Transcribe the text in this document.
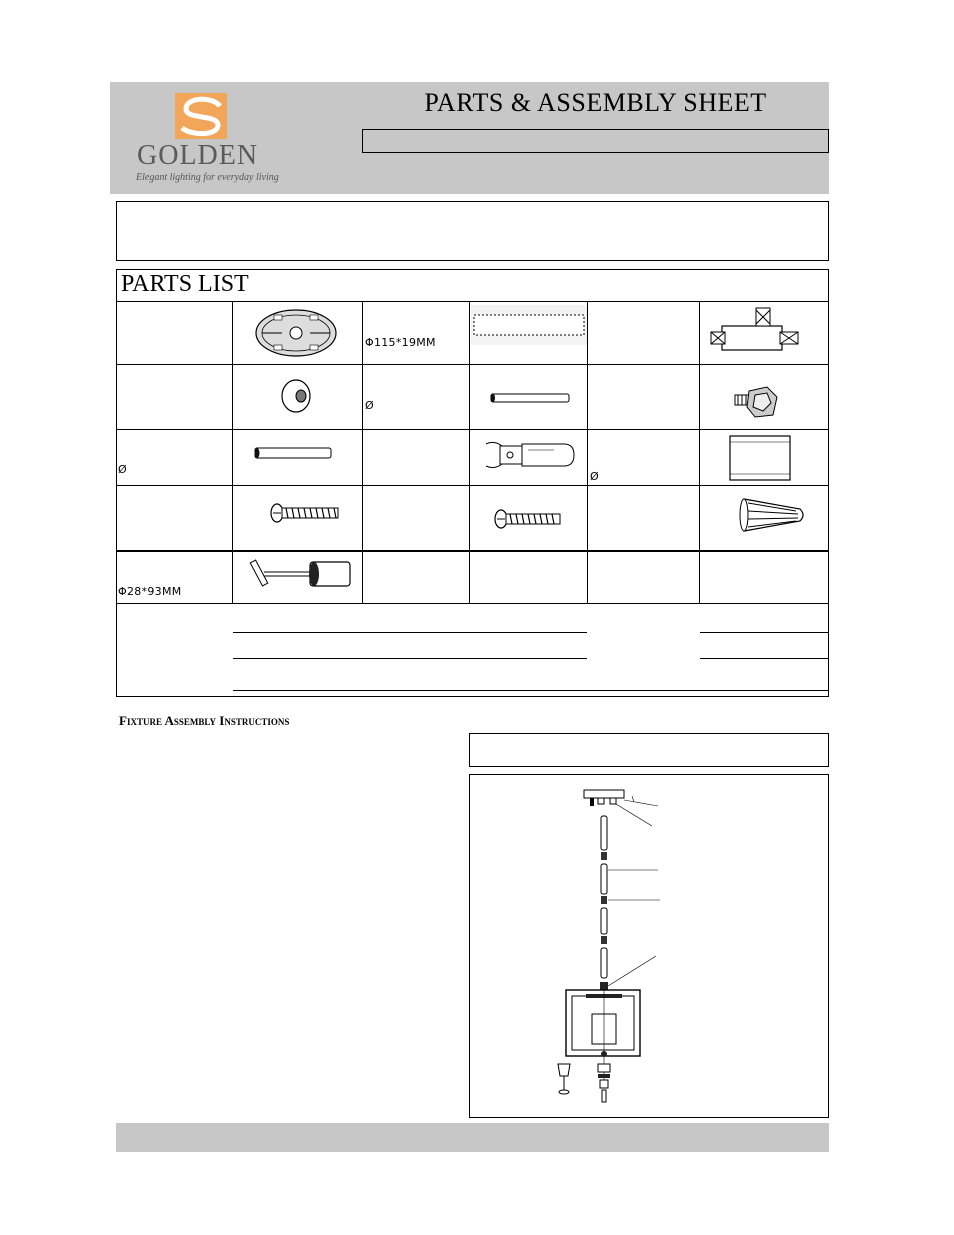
GOLDEN
Elegant lighting for everyday living
PARTS & ASSEMBLY SHEET
PARTS LIST
Φ115*19MM
Ø
Ø
Ø
Φ28*93MM
Fixture Assembly Instructions
